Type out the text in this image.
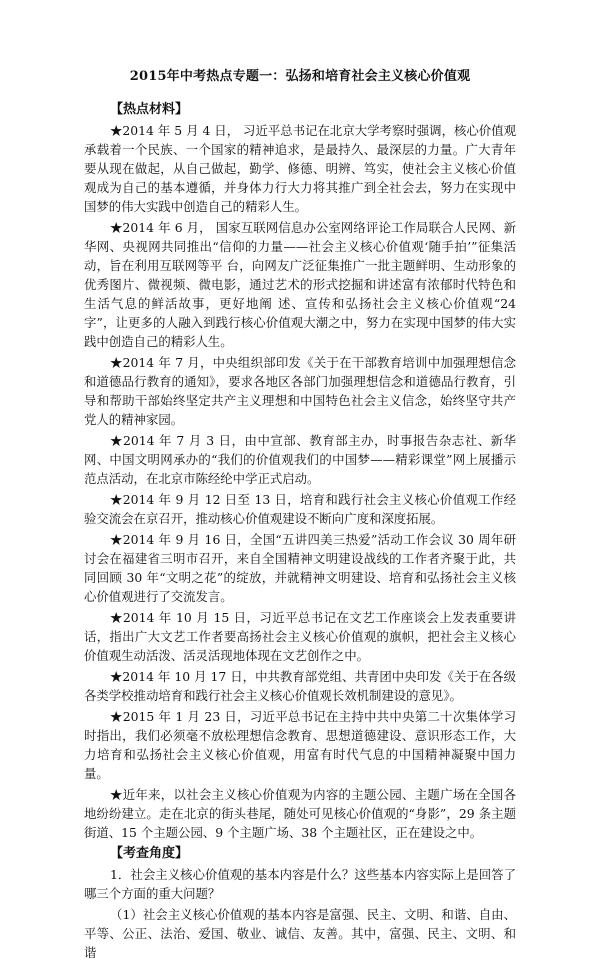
2015年中考热点专题一：弘扬和培育社会主义核心价值观
【热点材料】
★2014 年 5 月 4 日， 习近平总书记在北京大学考察时强调，核心价值观承载着一个民族、一个国家的精神追求，是最持久、最深层的力量。广大青年要从现在做起，从自己做起，勤学、修德、明辨、笃实，使社会主义核心价值观成为自己的基本遵循，并身体力行大力将其推广到全社会去，努力在实现中国梦的伟大实践中创造自己的精彩人生。
★2014 年 6 月， 国家互联网信息办公室网络评论工作局联合人民网、新华网、央视网共同推出“信仰的力量——社会主义核心价值观‘随手拍’”征集活动，旨在利用互联网等平 台，向网友广泛征集推广一批主题鲜明、生动形象的优秀图片、微视频、微电影，通过艺术的形式挖掘和讲述富有浓郁时代特色和生活气息的鲜活故事，更好地阐 述、宣传和弘扬社会主义核心价值观“24 字”，让更多的人融入到践行核心价值观大潮之中，努力在实现中国梦的伟大实践中创造自己的精彩人生。
★2014 年 7 月，中央组织部印发《关于在干部教育培训中加强理想信念和道德品行教育的通知》，要求各地区各部门加强理想信念和道德品行教育，引导和帮助干部始终坚定共产主义理想和中国特色社会主义信念，始终坚守共产党人的精神家园。
★2014 年 7 月 3 日，由中宣部、教育部主办，时事报告杂志社、新华网、中国文明网承办的“我们的价值观我们的中国梦——精彩课堂”网上展播示范点活动，在北京市陈经纶中学正式启动。
★2014 年 9 月 12 日至 13 日，培育和践行社会主义核心价值观工作经验交流会在京召开，推动核心价值观建设不断向广度和深度拓展。
★2014 年 9 月 16 日，全国“五讲四美三热爱”活动工作会议 30 周年研讨会在福建省三明市召开，来自全国精神文明建设战线的工作者齐聚于此，共同回顾 30 年“文明之花”的绽放，并就精神文明建设、培育和弘扬社会主义核心价值观进行了交流发言。
★2014 年 10 月 15 日，习近平总书记在文艺工作座谈会上发表重要讲话，指出广大文艺工作者要高扬社会主义核心价值观的旗帜，把社会主义核心价值观生动活泼、活灵活现地体现在文艺创作之中。
★2014 年 10 月 17 日，中共教育部党组、共青团中央印发《关于在各级各类学校推动培育和践行社会主义核心价值观长效机制建设的意见》。
★2015 年 1 月 23 日，习近平总书记在主持中共中央第二十次集体学习时指出，我们必须毫不放松理想信念教育、思想道德建设、意识形态工作，大力培育和弘扬社会主义核心价值观，用富有时代气息的中国精神凝聚中国力量。
★近年来，以社会主义核心价值观为内容的主题公园、主题广场在全国各地纷纷建立。走在北京的街头巷尾，随处可见核心价值观的“身影”，29 条主题街道、15 个主题公园、9 个主题广场、38 个主题社区，正在建设之中。
【考查角度】
1．社会主义核心价值观的基本内容是什么？这些基本内容实际上是回答了哪三个方面的重大问题？
（1）社会主义核心价值观的基本内容是富强、民主、文明、和谐、自由、平等、公正、法治、爱国、敬业、诚信、友善。其中，富强、民主、文明、和谐
